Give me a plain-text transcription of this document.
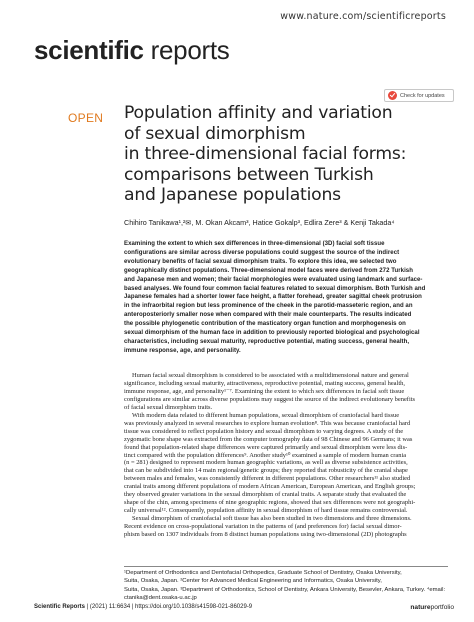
www.nature.com/scientificreports
scientific reports
Check for updates
OPEN Population affinity and variation
of sexual dimorphism
in three-dimensional facial forms:
comparisons between Turkish
and Japanese populations
Chihiro Tanikawa¹,²✉, M. Okan Akcam³, Hatice Gokalp³, Edlira Zere³ & Kenji Takada⁴
Examining the extent to which sex differences in three-dimensional (3D) facial soft tissue
configurations are similar across diverse populations could suggest the source of the indirect
evolutionary benefits of facial sexual dimorphism traits. To explore this idea, we selected two
geographically distinct populations. Three-dimensional model faces were derived from 272 Turkish
and Japanese men and women; their facial morphologies were evaluated using landmark and surface-
based analyses. We found four common facial features related to sexual dimorphism. Both Turkish and
Japanese females had a shorter lower face height, a flatter forehead, greater sagittal cheek protrusion
in the infraorbital region but less prominence of the cheek in the parotid-masseteric region, and an
anteroposteriorly smaller nose when compared with their male counterparts. The results indicated
the possible phylogenetic contribution of the masticatory organ function and morphogenesis on
sexual dimorphism of the human face in addition to previously reported biological and psychological
characteristics, including sexual maturity, reproductive potential, mating success, general health,
immune response, age, and personality.
Human facial sexual dimorphism is considered to be associated with a multidimensional nature and general
significance, including sexual maturity, attractiveness, reproductive potential, mating success, general health,
immune response, age, and personality¹⁻⁷. Examining the extent to which sex differences in facial soft tissue
configurations are similar across diverse populations may suggest the source of the indirect evolutionary benefits
of facial sexual dimorphism traits.
With modern data related to different human populations, sexual dimorphism of craniofacial hard tissue
was previously analyzed in several researches to explore human evolution⁸. This was because craniofacial hard
tissue was considered to reflect population history and sexual dimorphism to varying degrees. A study of the
zygomatic bone shape was extracted from the computer tomography data of 98 Chinese and 96 Germans; it was
found that population-related shape differences were captured primarily and sexual dimorphism were less dis-
tinct compared with the population differences⁹. Another study¹⁰ examined a sample of modern human crania
(n = 281) designed to represent modern human geographic variations, as well as diverse subsistence activities,
that can be subdivided into 14 main regional/genetic groups; they reported that robusticity of the cranial shape
between males and females, was consistently different in different populations. Other researchers¹¹ also studied
cranial traits among different populations of modern African American, European American, and English groups;
they observed greater variations in the sexual dimorphism of cranial traits. A separate study that evaluated the
shape of the chin, among specimens of nine geographic regions, showed that sex differences were not geographi-
cally universal¹². Consequently, population affinity in sexual dimorphism of hard tissue remains controversial.
Sexual dimorphism of craniofacial soft tissue has also been studied in two dimensions and three dimensions.
Recent evidence on cross-populational variation in the patterns of (and preferences for) facial sexual dimor-
phism based on 1307 individuals from 8 distinct human populations using two-dimensional (2D) photographs
¹Department of Orthodontics and Dentofacial Orthopedics, Graduate School of Dentistry, Osaka University,
Suita, Osaka, Japan. ²Center for Advanced Medical Engineering and Informatics, Osaka University,
Suita, Osaka, Japan. ³Department of Orthodontics, School of Dentistry, Ankara University, Besevler, Ankara, Turkey. ⁴email:
ctanika@dent.osaka-u.ac.jp
Scientific Reports | (2021) 11:6634 | https://doi.org/10.1038/s41598-021-86029-9	natureportfolio
